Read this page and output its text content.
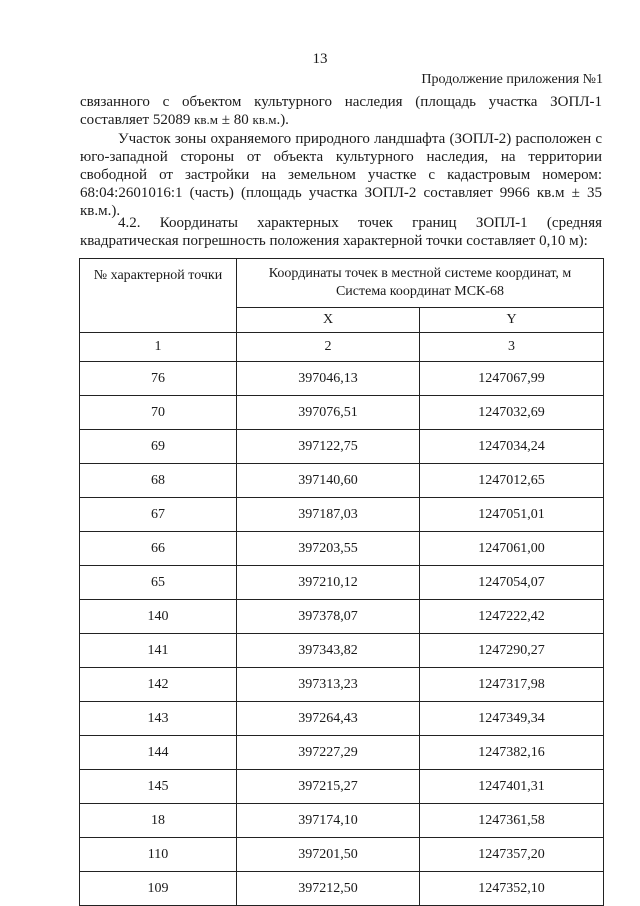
13
Продолжение приложения №1
связанного с объектом культурного наследия (площадь участка ЗОПЛ-1 составляет 52089 кв.м ± 80 кв.м.).
Участок зоны охраняемого природного ландшафта (ЗОПЛ-2) расположен с юго-западной стороны от объекта культурного наследия, на территории свободной от застройки на земельном участке с кадастровым номером: 68:04:2601016:1 (часть) (площадь участка ЗОПЛ-2 составляет 9966 кв.м ± 35 кв.м.).
4.2. Координаты характерных точек границ ЗОПЛ-1 (средняя квадратическая погрешность положения характерной точки составляет 0,10 м):
№ характерной точки	Координаты точек в местной системе координат, м
Система координат МСК-68	
	X	Y
1	2	3
76	397046,13	1247067,99
70	397076,51	1247032,69
69	397122,75	1247034,24
68	397140,60	1247012,65
67	397187,03	1247051,01
66	397203,55	1247061,00
65	397210,12	1247054,07
140	397378,07	1247222,42
141	397343,82	1247290,27
142	397313,23	1247317,98
143	397264,43	1247349,34
144	397227,29	1247382,16
145	397215,27	1247401,31
18	397174,10	1247361,58
110	397201,50	1247357,20
109	397212,50	1247352,10
